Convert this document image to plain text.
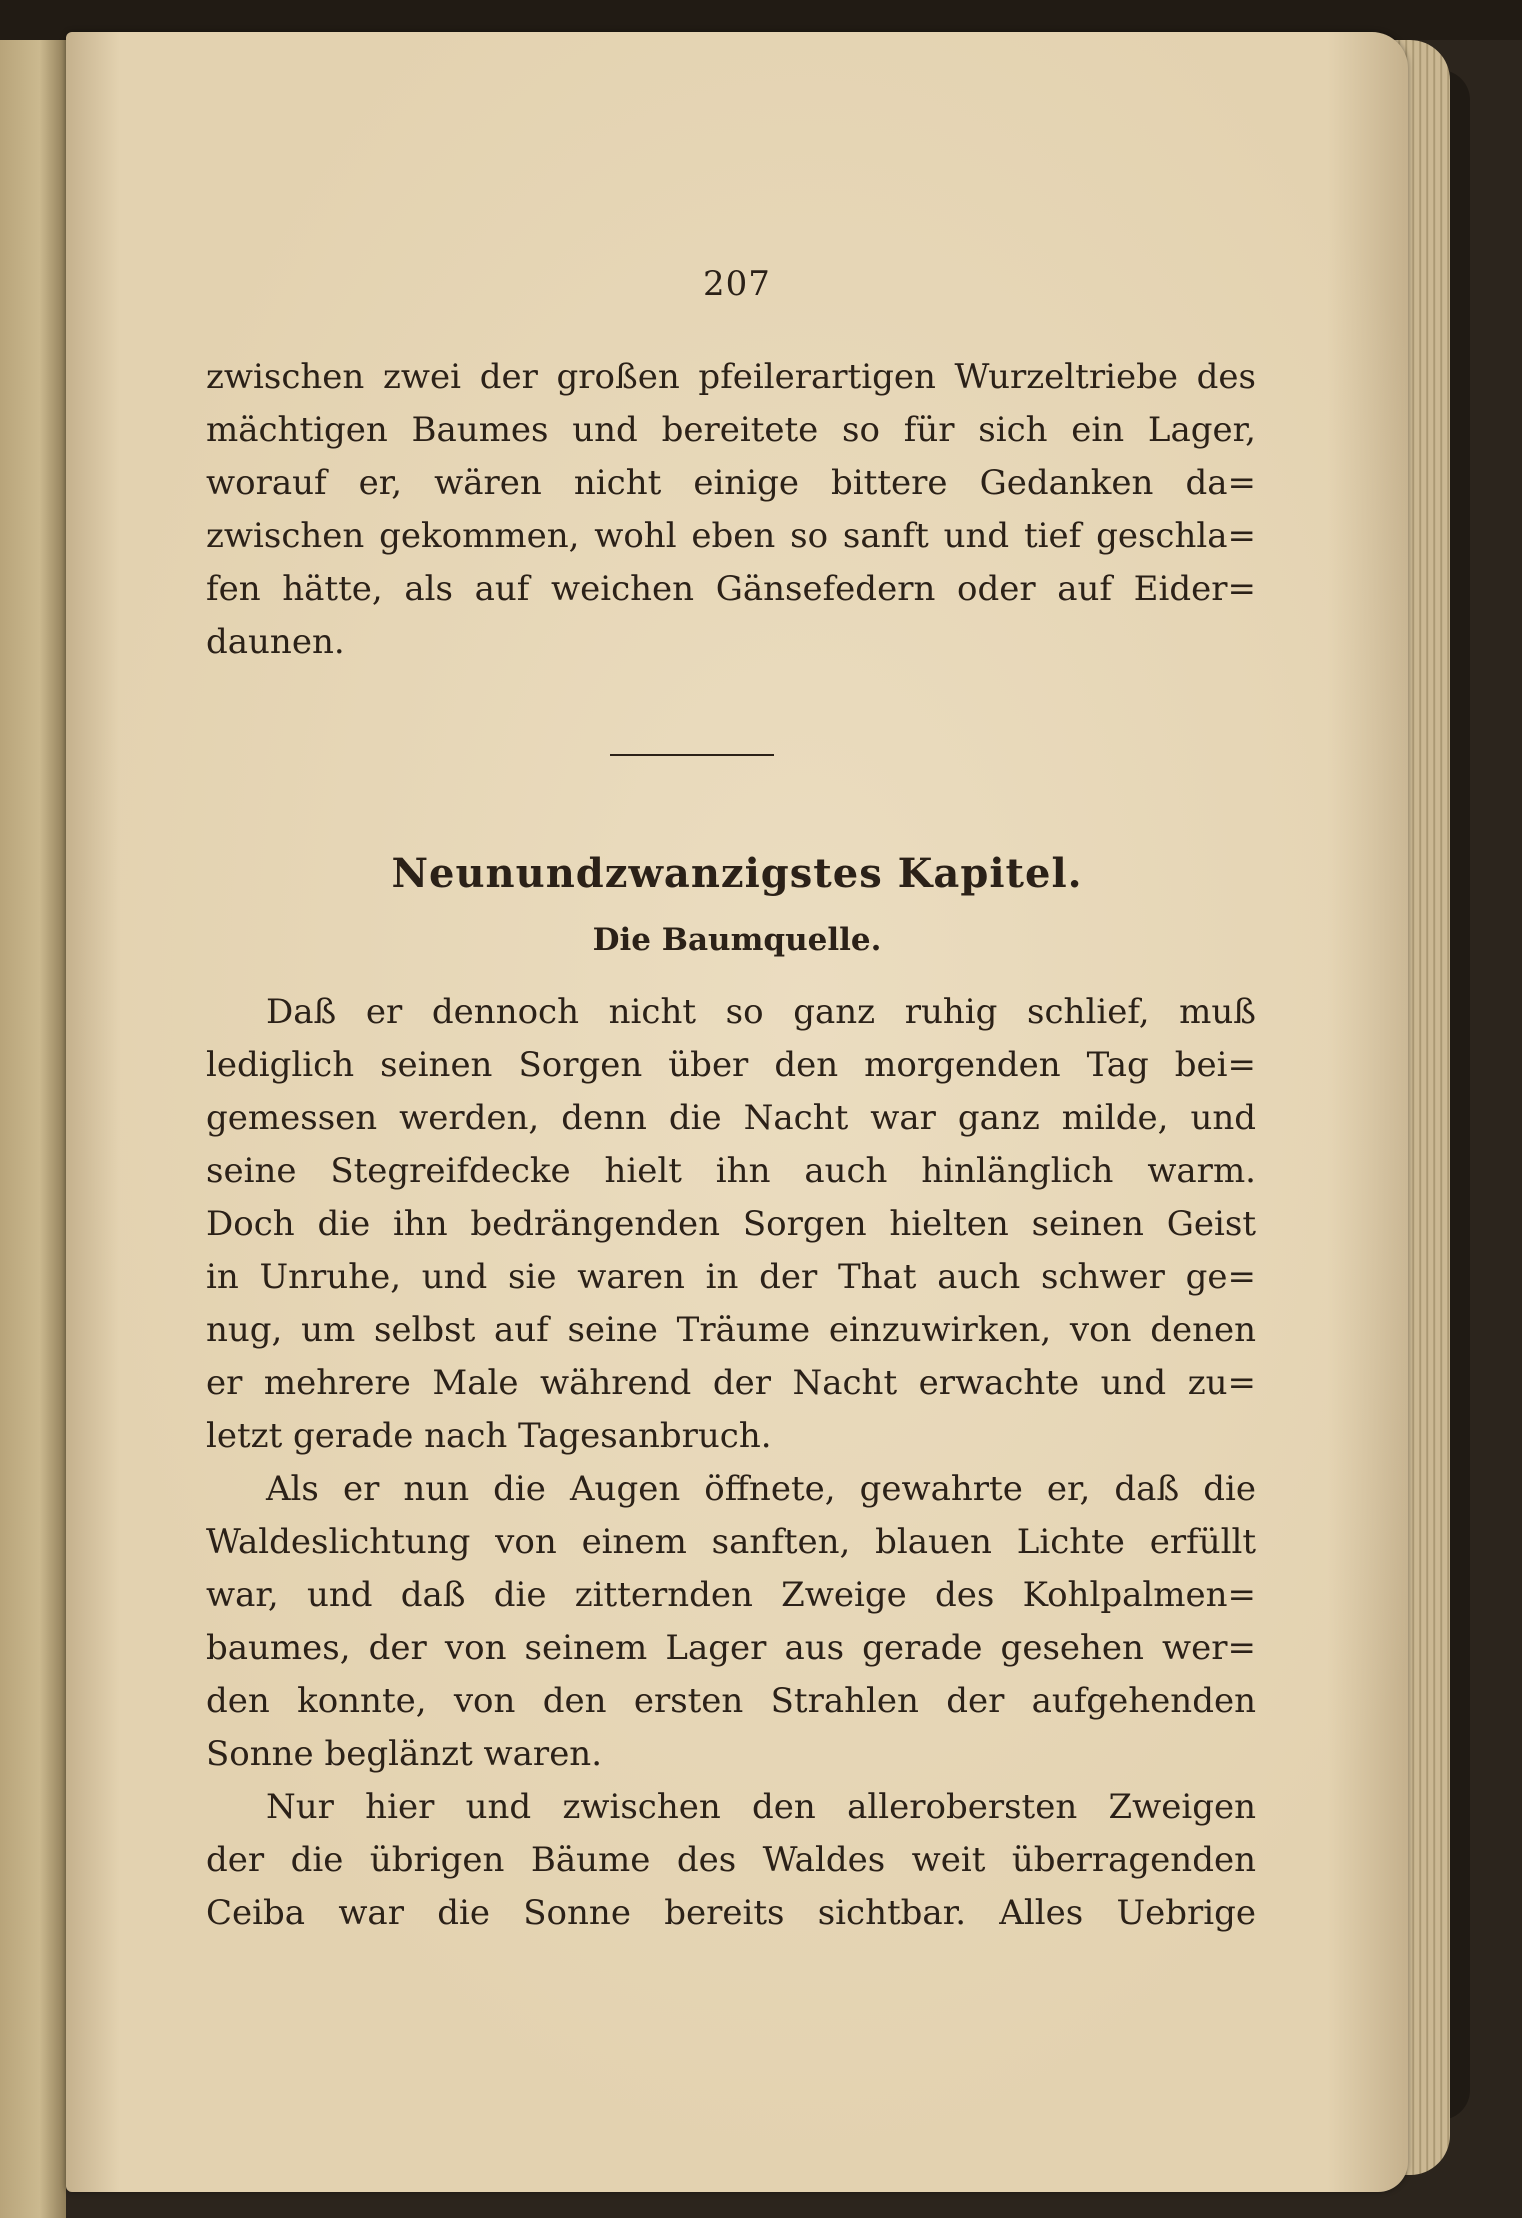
207
zwischen zwei der großen pfeilerartigen Wurzeltriebe des
mächtigen Baumes und bereitete so für sich ein Lager,
worauf er, wären nicht einige bittere Gedanken da=
zwischen gekommen, wohl eben so sanft und tief geschla=
fen hätte, als auf weichen Gänsefedern oder auf Eider=
daunen.
Neunundzwanzigstes Kapitel.
Die Baumquelle.
Daß er dennoch nicht so ganz ruhig schlief, muß
lediglich seinen Sorgen über den morgenden Tag bei=
gemessen werden, denn die Nacht war ganz milde, und
seine Stegreifdecke hielt ihn auch hinlänglich warm.
Doch die ihn bedrängenden Sorgen hielten seinen Geist
in Unruhe, und sie waren in der That auch schwer ge=
nug, um selbst auf seine Träume einzuwirken, von denen
er mehrere Male während der Nacht erwachte und zu=
letzt gerade nach Tagesanbruch.
Als er nun die Augen öffnete, gewahrte er, daß die
Waldeslichtung von einem sanften, blauen Lichte erfüllt
war, und daß die zitternden Zweige des Kohlpalmen=
baumes, der von seinem Lager aus gerade gesehen wer=
den konnte, von den ersten Strahlen der aufgehenden
Sonne beglänzt waren.
Nur hier und zwischen den allerobersten Zweigen
der die übrigen Bäume des Waldes weit überragenden
Ceiba war die Sonne bereits sichtbar. Alles Uebrige
